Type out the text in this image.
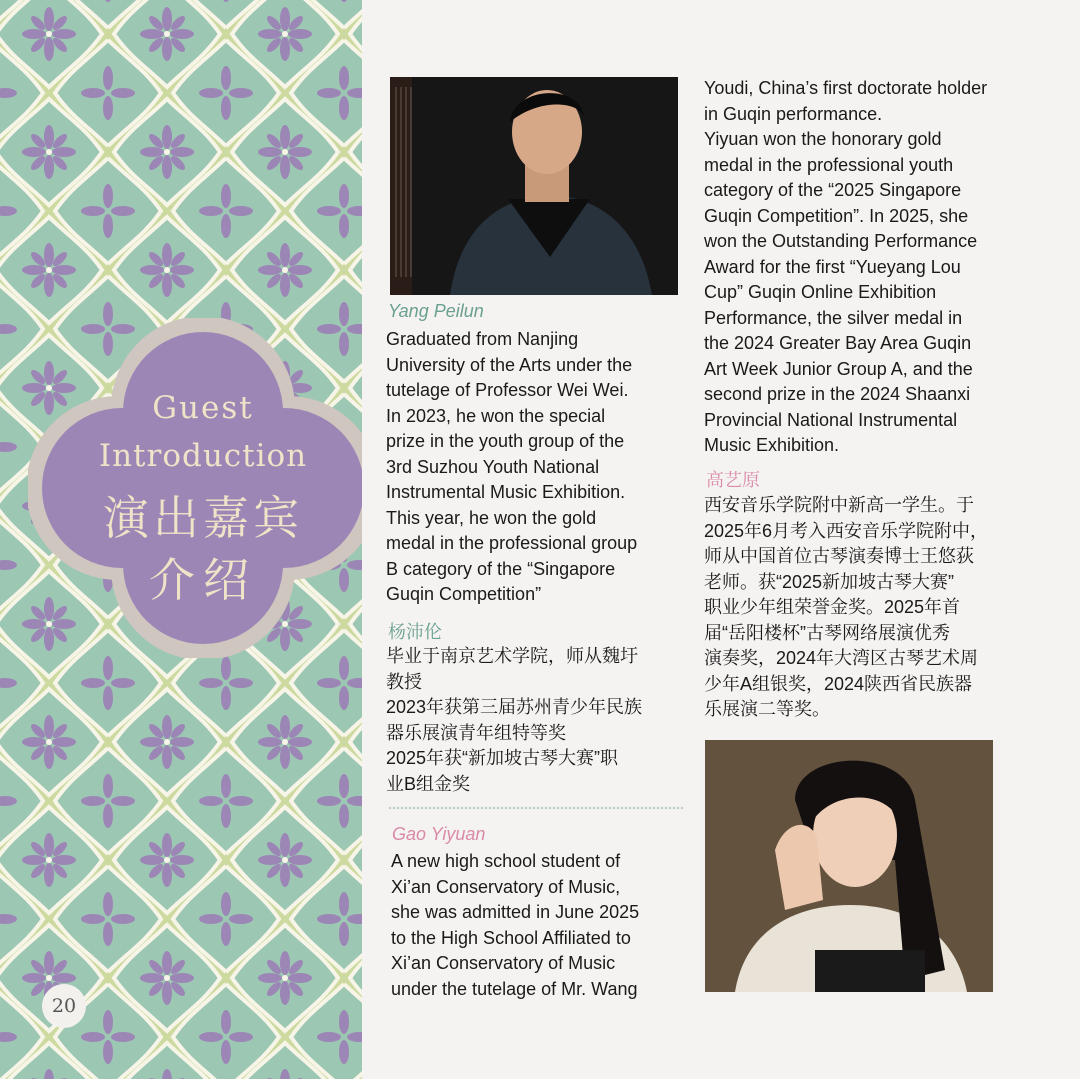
Guest
Introduction
演出嘉宾
介绍
20
Yang Peilun
Graduated from Nanjing
University of the Arts under the
tutelage of Professor Wei Wei.
In 2023, he won the special
prize in the youth group of the
3rd Suzhou Youth National
Instrumental Music Exhibition.
This year, he won the gold
medal in the professional group
B category of the “Singapore
Guqin Competition”
杨沛伦
毕业于南京艺术学院，师从魏圩
教授
2023年获第三届苏州青少年民族
器乐展演青年组特等奖
2025年获“新加坡古琴大赛”职
业B组金奖
Gao Yiyuan
A new high school student of
Xi’an Conservatory of Music,
she was admitted in June 2025
to the High School Affiliated to
Xi’an Conservatory of Music
under the tutelage of Mr. Wang
Youdi, China’s first doctorate holder
in Guqin performance.
Yiyuan won the honorary gold
medal in the professional youth
category of the “2025 Singapore
Guqin Competition”. In 2025, she
won the Outstanding Performance
Award for the first “Yueyang Lou
Cup” Guqin Online Exhibition
Performance, the silver medal in
the 2024 Greater Bay Area Guqin
Art Week Junior Group A, and the
second prize in the 2024 Shaanxi
Provincial National Instrumental
Music Exhibition.
高艺原
西安音乐学院附中新高一学生。于
2025年6月考入西安音乐学院附中，
师从中国首位古琴演奏博士王悠荻
老师。获“2025新加坡古琴大赛”
职业少年组荣誉金奖。2025年首
届“岳阳楼杯”古琴网络展演优秀
演奏奖，2024年大湾区古琴艺术周
少年A组银奖，2024陕西省民族器
乐展演二等奖。
